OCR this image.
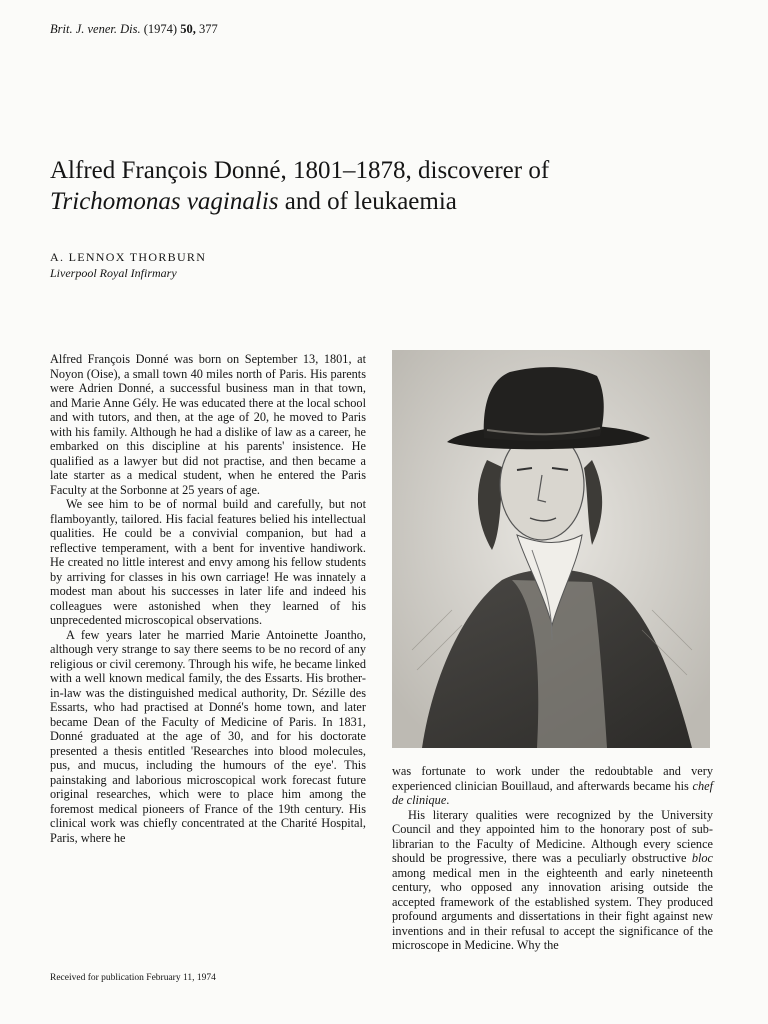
Brit. J. vener. Dis. (1974) 50, 377
Alfred François Donné, 1801–1878, discoverer of
Trichomonas vaginalis and of leukaemia
A. LENNOX THORBURN
Liverpool Royal Infirmary

Alfred François Donné was born on September 13, 1801, at Noyon (Oise), a small town 40 miles north of Paris. His parents were Adrien Donné, a successful business man in that town, and Marie Anne Gély. He was educated there at the local school and with tutors, and then, at the age of 20, he moved to Paris with his family. Although he had a dislike of law as a career, he embarked on this discipline at his parents' insistence. He qualified as a lawyer but did not practise, and then became a late starter as a medical student, when he entered the Paris Faculty at the Sorbonne at 25 years of age.

We see him to be of normal build and carefully, but not flamboyantly, tailored. His facial features belied his intellectual qualities. He could be a convivial companion, but had a reflective temperament, with a bent for inventive handiwork. He created no little interest and envy among his fellow students by arriving for classes in his own carriage! He was innately a modest man about his successes in later life and indeed his colleagues were astonished when they learned of his unprecedented microscopical observations.

A few years later he married Marie Antoinette Joantho, although very strange to say there seems to be no record of any religious or civil ceremony. Through his wife, he became linked with a well known medical family, the des Essarts. His brother-in-law was the distinguished medical authority, Dr. Sézille des Essarts, who had practised at Donné's home town, and later became Dean of the Faculty of Medicine of Paris. In 1831, Donné graduated at the age of 30, and for his doctorate presented a thesis entitled 'Researches into blood molecules, pus, and mucus, including the humours of the eye'. This painstaking and laborious microscopical work forecast future original researches, which were to place him among the foremost medical pioneers of France of the 19th century. His clinical work was chiefly concentrated at the Charité Hospital, Paris, where he

was fortunate to work under the redoubtable and very experienced clinician Bouillaud, and afterwards became his chef de clinique.

His literary qualities were recognized by the University Council and they appointed him to the honorary post of sub-librarian to the Faculty of Medicine. Although every science should be progressive, there was a peculiarly obstructive bloc among medical men in the eighteenth and early nineteenth century, who opposed any innovation arising outside the accepted framework of the established system. They produced profound arguments and dissertations in their fight against new inventions and in their refusal to accept the significance of the microscope in Medicine. Why the

Received for publication February 11, 1974
